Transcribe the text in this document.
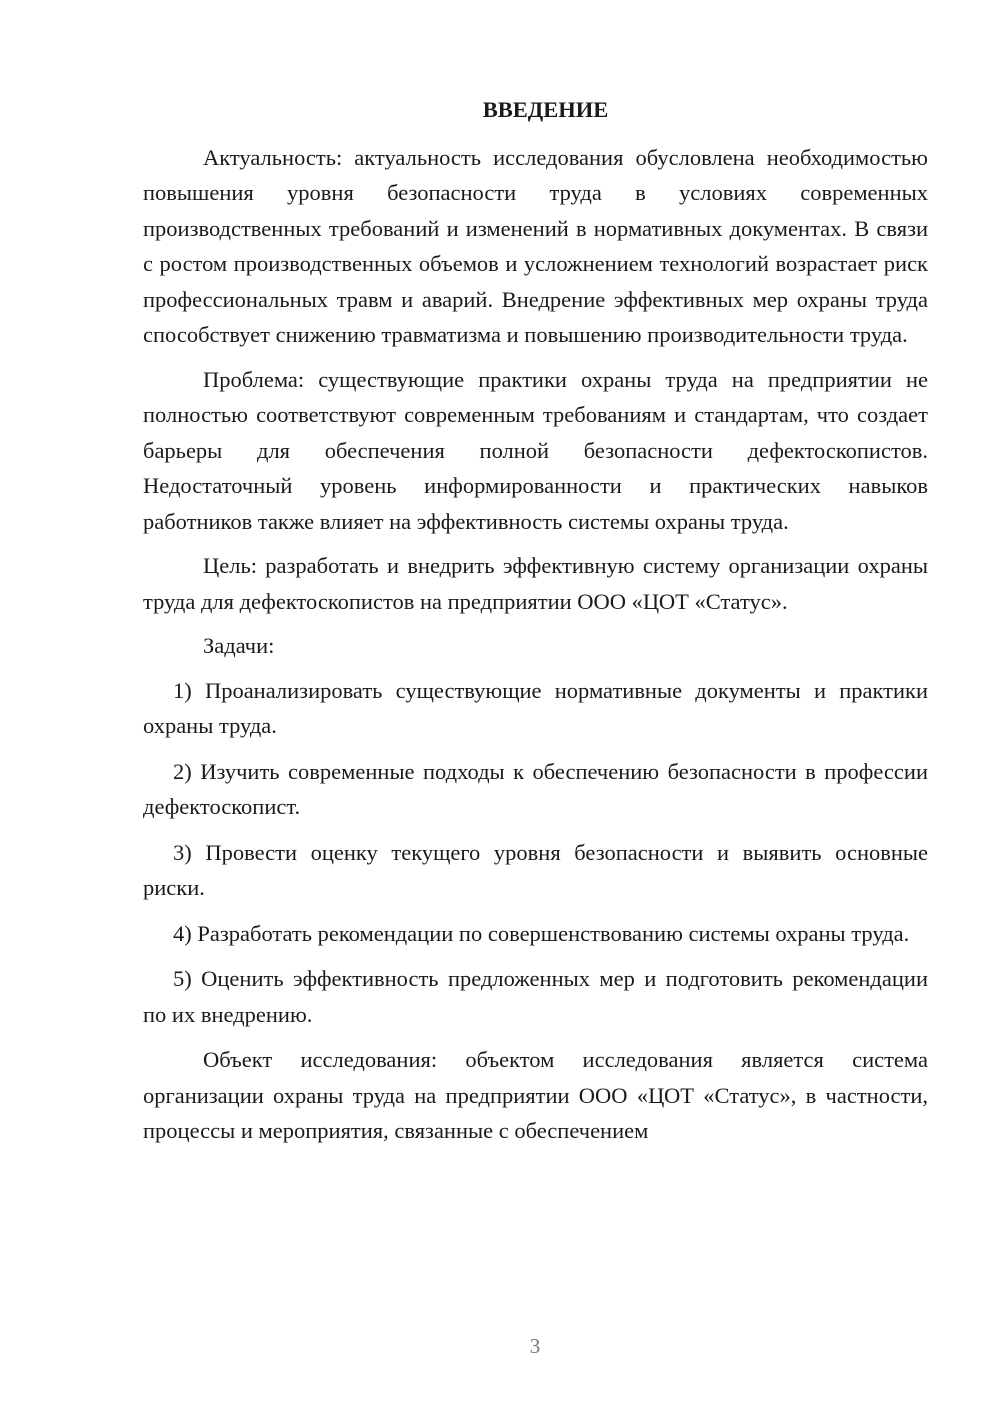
ВВЕДЕНИЕ

Актуальность: актуальность исследования обусловлена необходимостью повышения уровня безопасности труда в условиях современных производственных требований и изменений в нормативных документах. В связи с ростом производственных объемов и усложнением технологий возрастает риск профессиональных травм и аварий. Внедрение эффективных мер охраны труда способствует снижению травматизма и повышению производительности труда.

Проблема: существующие практики охраны труда на предприятии не полностью соответствуют современным требованиям и стандартам, что создает барьеры для обеспечения полной безопасности дефектоскопистов. Недостаточный уровень информированности и практических навыков работников также влияет на эффективность системы охраны труда.

Цель: разработать и внедрить эффективную систему организации охраны труда для дефектоскопистов на предприятии ООО «ЦОТ «Статус».

Задачи:

1) Проанализировать существующие нормативные документы и практики охраны труда.

2) Изучить современные подходы к обеспечению безопасности в профессии дефектоскопист.

3) Провести оценку текущего уровня безопасности и выявить основные риски.

4) Разработать рекомендации по совершенствованию системы охраны труда.

5) Оценить эффективность предложенных мер и подготовить рекомендации по их внедрению.

Объект исследования: объектом исследования является система организации охраны труда на предприятии ООО «ЦОТ «Статус», в частности, процессы и мероприятия, связанные с обеспечением

3
